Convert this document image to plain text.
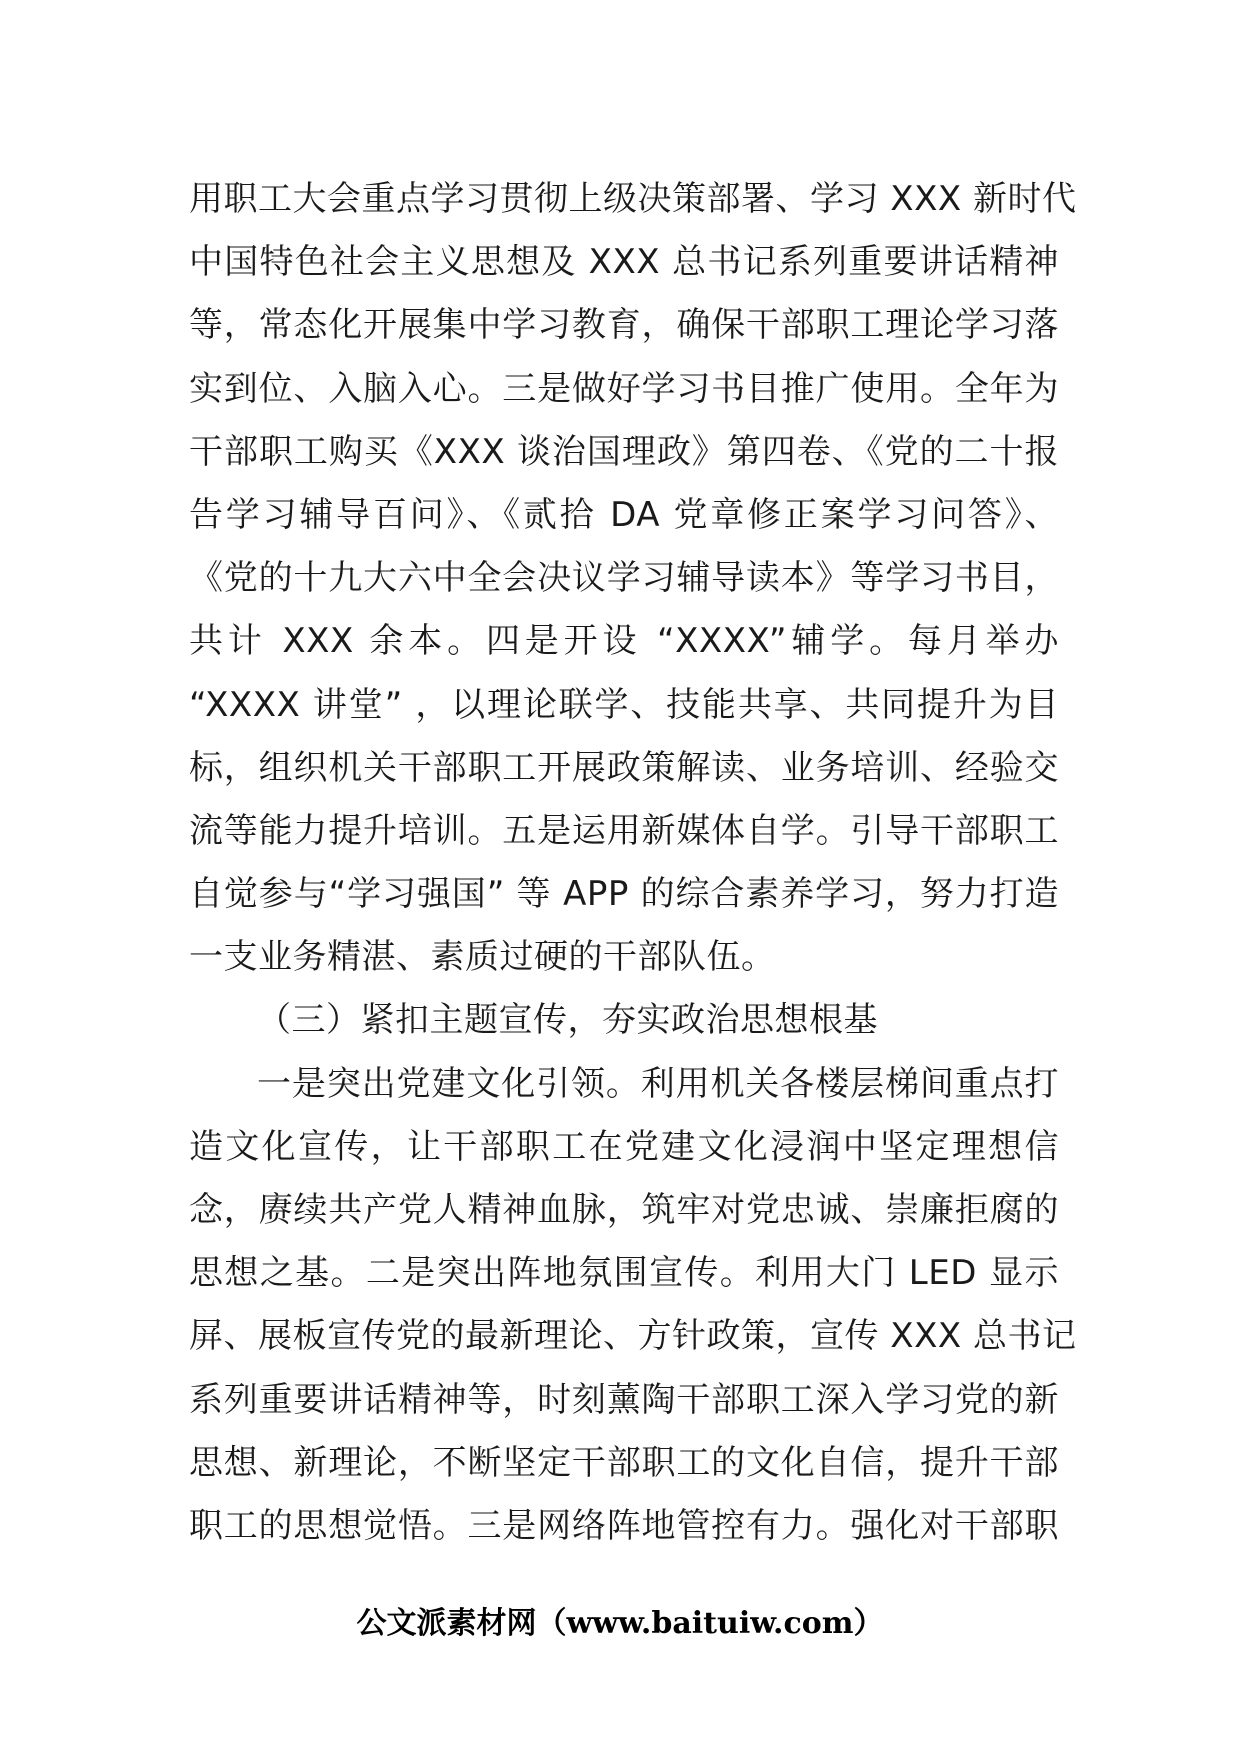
用职工大会重点学习贯彻上级决策部署、学习 XXX 新时代
中国特色社会主义思想及 XXX 总书记系列重要讲话精神
等，常态化开展集中学习教育，确保干部职工理论学习落
实到位、入脑入心。三是做好学习书目推广使用。全年为
干部职工购买《XXX 谈治国理政》第四卷、《党的二十报
告学习辅导百问》、《贰拾 DA 党章修正案学习问答》、
《党的十九大六中全会决议学习辅导读本》等学习书目，
共计 XXX 余本。四是开设 “XXXX”辅学。每月举办
“XXXX 讲堂” ，以理论联学、技能共享、共同提升为目
标，组织机关干部职工开展政策解读、业务培训、经验交
流等能力提升培训。五是运用新媒体自学。引导干部职工
自觉参与“学习强国” 等 APP 的综合素养学习，努力打造
一支业务精湛、素质过硬的干部队伍。
（三）紧扣主题宣传，夯实政治思想根基
一是突出党建文化引领。利用机关各楼层梯间重点打
造文化宣传，让干部职工在党建文化浸润中坚定理想信
念，赓续共产党人精神血脉，筑牢对党忠诚、崇廉拒腐的
思想之基。二是突出阵地氛围宣传。利用大门 LED 显示
屏、展板宣传党的最新理论、方针政策，宣传 XXX 总书记
系列重要讲话精神等，时刻薰陶干部职工深入学习党的新
思想、新理论，不断坚定干部职工的文化自信，提升干部
职工的思想觉悟。三是网络阵地管控有力。强化对干部职
公文派素材网（www.baituiw.com）
